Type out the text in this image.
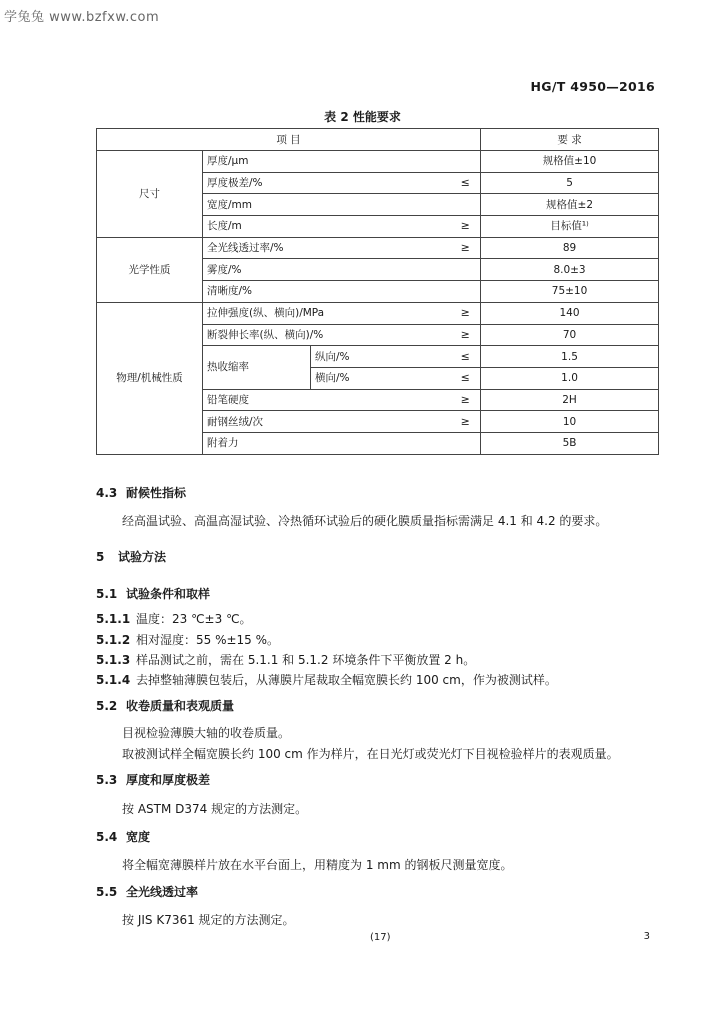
学兔兔 www.bzfxw.com
HG/T 4950—2016
表 2 性能要求
项 目				要 求
尺寸	厚度/μm			规格值±10
	厚度极差/%		≤	5
	宽度/mm			规格值±2
	长度/m		≥	目标值¹⁾
光学性质	全光线透过率/%		≥	89
	雾度/%			8.0±3
	清晰度/%			75±10
物理/机械性质	拉伸强度(纵、横向)/MPa		≥	140
	断裂伸长率(纵、横向)/%		≥	70
	热收缩率	纵向/%	≤	1.5
		横向/%	≤	1.0
	铅笔硬度		≥	2H
	耐钢丝绒/次		≥	10
	附着力			5B
4.3 耐候性指标
经高温试验、高温高湿试验、冷热循环试验后的硬化膜质量指标需满足 4.1 和 4.2 的要求。
5 试验方法
5.1 试验条件和取样
5.1.1 温度：23 ℃±3 ℃。
5.1.2 相对湿度：55 %±15 %。
5.1.3 样品测试之前，需在 5.1.1 和 5.1.2 环境条件下平衡放置 2 h。
5.1.4 去掉整轴薄膜包装后，从薄膜片尾裁取全幅宽膜长约 100 cm，作为被测试样。
5.2 收卷质量和表观质量
目视检验薄膜大轴的收卷质量。
取被测试样全幅宽膜长约 100 cm 作为样片，在日光灯或荧光灯下目视检验样片的表观质量。
5.3 厚度和厚度极差
按 ASTM D374 规定的方法测定。
5.4 宽度
将全幅宽薄膜样片放在水平台面上，用精度为 1 mm 的钢板尺测量宽度。
5.5 全光线透过率
按 JIS K7361 规定的方法测定。
(17)	3
